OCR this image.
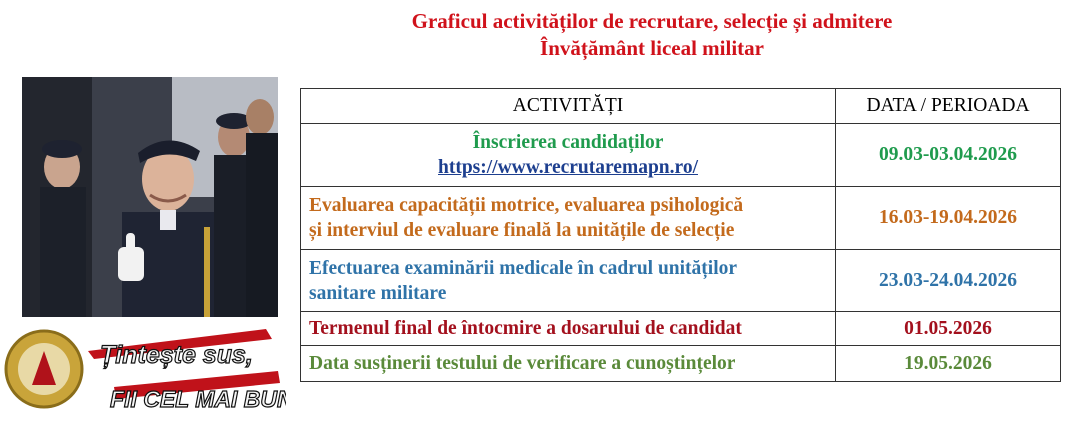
Graficul activităților de recrutare, selecție și admitere
Învățământ liceal militar
Țintește sus,
FII CEL MAI BUN!
ACTIVITĂȚI	DATA / PERIOADA

Înscrierea candidaților
https://www.recrutaremapn.ro/	09.03-03.04.2026

Evaluarea capacității motrice, evaluarea psihologică
și interviul de evaluare finală la unitățile de selecție	16.03-19.04.2026

Efectuarea examinării medicale în cadrul unităților
sanitare militare	23.03-24.04.2026
Termenul final de întocmire a dosarului de candidat	01.05.2026
Data susținerii testului de verificare a cunoștințelor	19.05.2026
